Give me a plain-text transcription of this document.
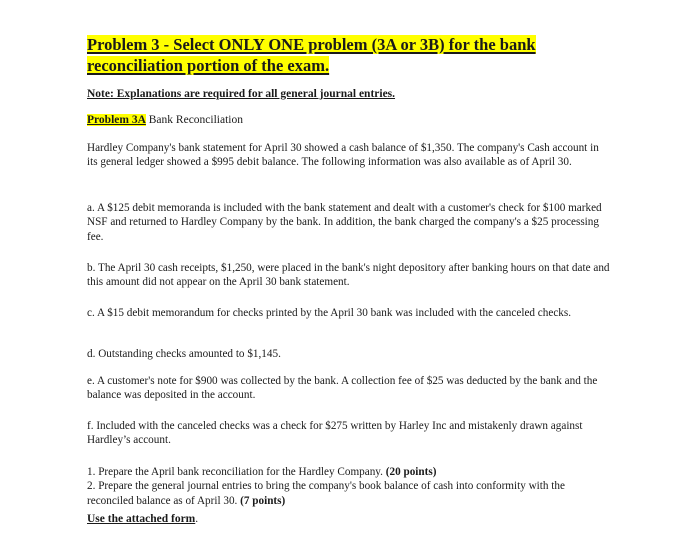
Problem 3 - Select ONLY ONE problem (3A or 3B) for the bank
reconciliation portion of the exam.
Note: Explanations are required for all general journal entries.
Problem 3A Bank Reconciliation

Hardley Company's bank statement for April 30 showed a cash balance of $1,350. The company's Cash account in its general ledger showed a $995 debit balance. The following information was also available as of April 30.

a. A $125 debit memoranda is included with the bank statement and dealt with a customer's check for $100 marked NSF and returned to Hardley Company by the bank. In addition, the bank charged the company's a $25 processing fee.

b. The April 30 cash receipts, $1,250, were placed in the bank's night depository after banking hours on that date and this amount did not appear on the April 30 bank statement.

c. A $15 debit memorandum for checks printed by the April 30 bank was included with the canceled checks.

d. Outstanding checks amounted to $1,145.

e. A customer's note for $900 was collected by the bank. A collection fee of $25 was deducted by the bank and the balance was deposited in the account.

f. Included with the canceled checks was a check for $275 written by Harley Inc and mistakenly drawn against Hardley’s account.

1. Prepare the April bank reconciliation for the Hardley Company. (20 points)
2. Prepare the general journal entries to bring the company's book balance of cash into conformity with the reconciled balance as of April 30. (7 points)

Use the attached form.
